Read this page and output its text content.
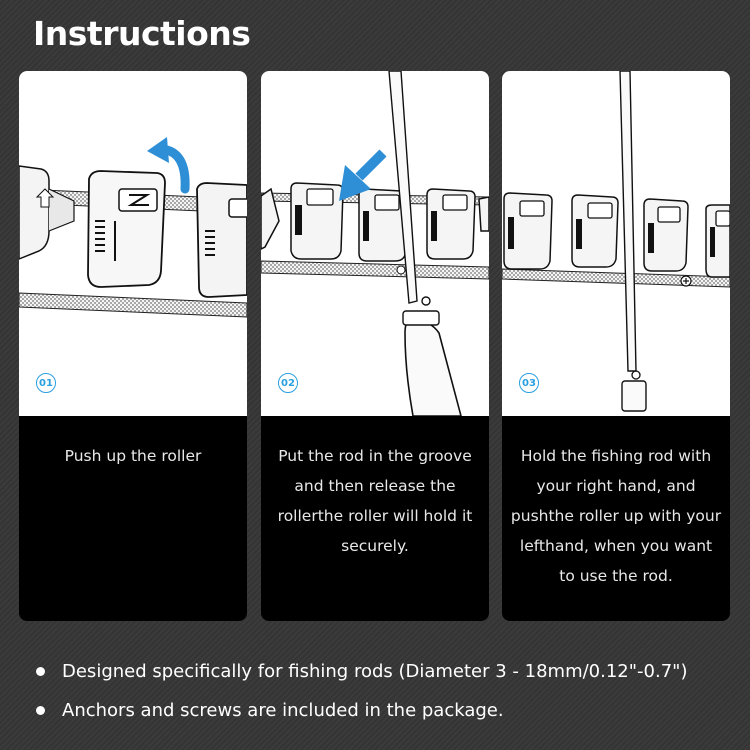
Instructions
01
Push up the roller
02
Put the rod in the groove and then release the rollerthe roller will hold it securely.
03
Hold the fishing rod with your right hand, and pushthe roller up with your lefthand, when you want to use the rod.
Designed specifically for fishing rods (Diameter 3 - 18mm/0.12"-0.7")
Anchors and screws are included in the package.
